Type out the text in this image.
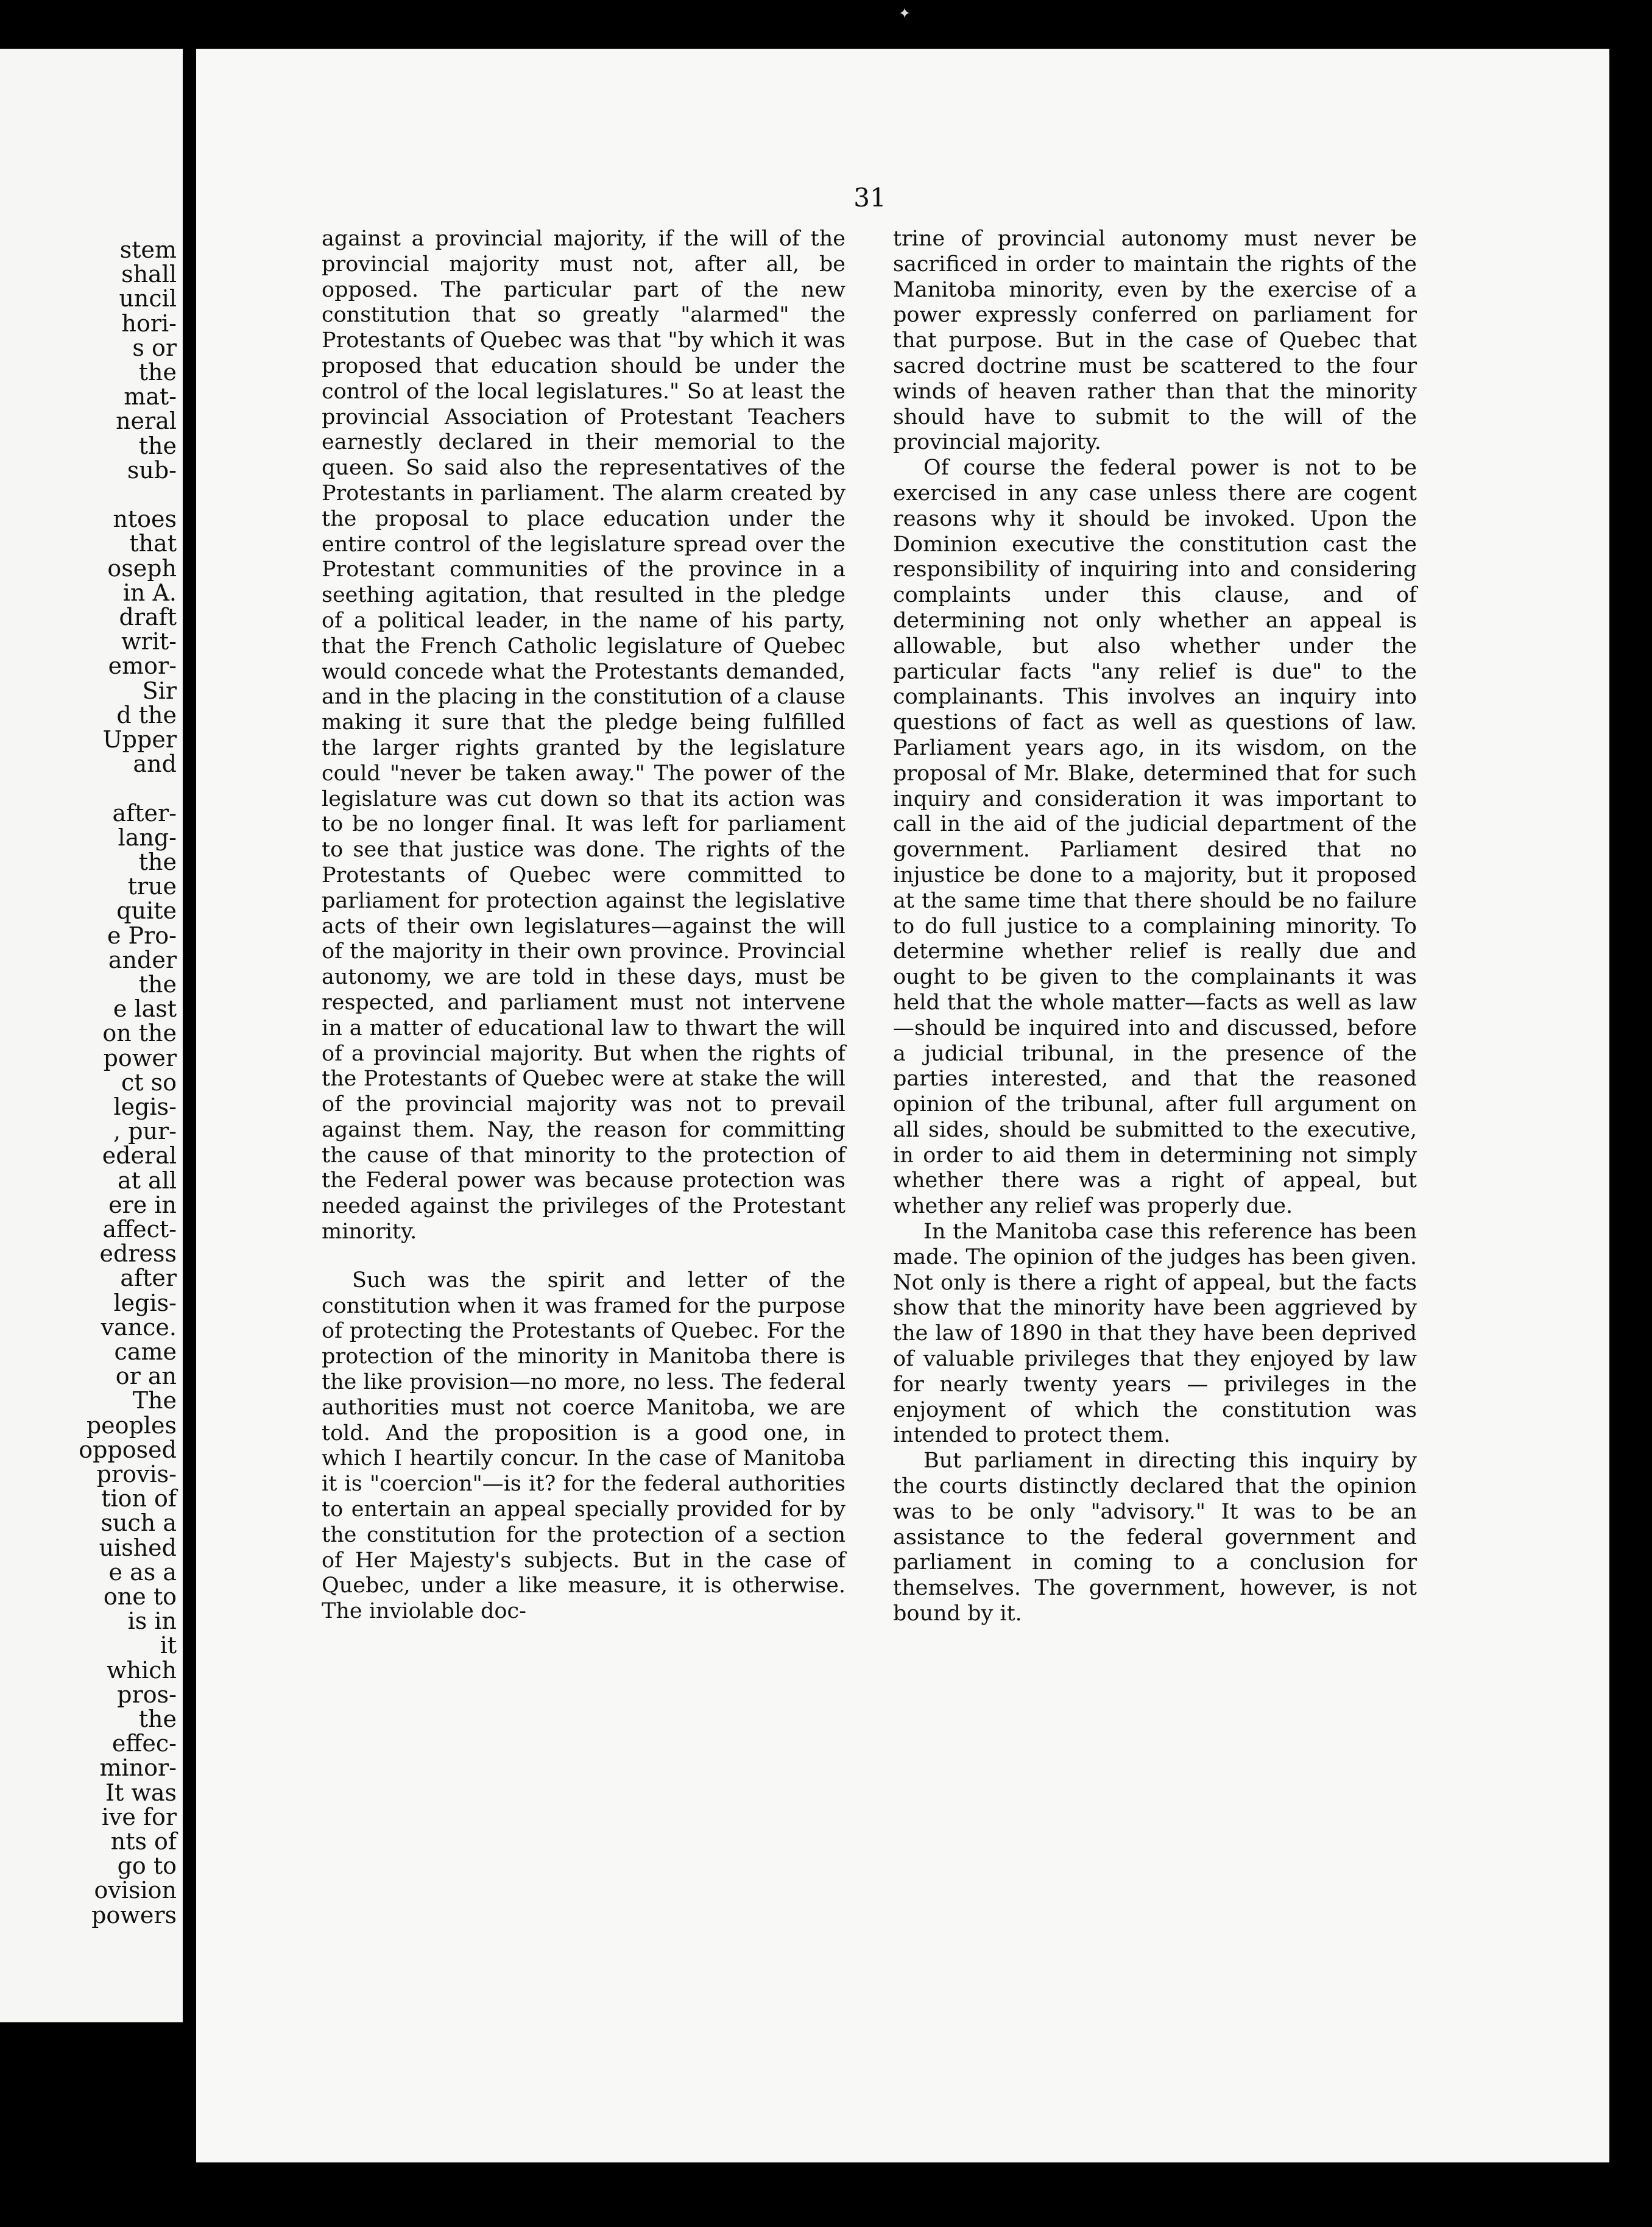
✦
stem
shall
uncil
hori-
s or
the
mat-
neral
the
sub-
ntoes
that
oseph
in A.
draft
writ-
emor-
Sir
d the
Upper
and
after-
lang-
the
true
quite
e Pro-
ander
the
e last
on the
power
ct so
legis-
, pur-
ederal
at all
ere in
affect-
edress
after
legis-
vance.
came
or an
The
peoples
opposed
provis-
tion of
such a
uished
e as a
one to
is in
it
which
pros-
the
effec-
minor-
It was
ive for
nts of
go to
ovision
powers
31

against a provincial majority, if the will of the provincial majority must not, after all, be opposed. The particular part of the new constitution that so greatly "alarmed" the Protestants of Quebec was that "by which it was proposed that education should be under the control of the local legislatures." So at least the provincial Association of Protestant Teachers earnestly declared in their memorial to the queen. So said also the representatives of the Protestants in parliament. The alarm created by the proposal to place education under the entire control of the legislature spread over the Protestant communities of the province in a seething agitation, that resulted in the pledge of a political leader, in the name of his party, that the French Catholic legislature of Quebec would concede what the Protestants demanded, and in the placing in the constitution of a clause making it sure that the pledge being fulfilled the larger rights granted by the legislature could "never be taken away." The power of the legislature was cut down so that its action was to be no longer final. It was left for parliament to see that justice was done. The rights of the Protestants of Quebec were committed to parliament for protection against the legislative acts of their own legislatures—against the will of the majority in their own province. Provincial autonomy, we are told in these days, must be respected, and parliament must not intervene in a matter of educational law to thwart the will of a provincial majority. But when the rights of the Protestants of Quebec were at stake the will of the provincial majority was not to prevail against them. Nay, the reason for committing the cause of that minority to the protection of the Federal power was because protection was needed against the privileges of the Protestant minority.

Such was the spirit and letter of the constitution when it was framed for the purpose of protecting the Protestants of Quebec. For the protection of the minority in Manitoba there is the like provision—no more, no less. The federal authorities must not coerce Manitoba, we are told. And the proposition is a good one, in which I heartily concur. In the case of Manitoba it is "coercion"—is it? for the federal authorities to entertain an appeal specially provided for by the constitution for the protection of a section of Her Majesty's subjects. But in the case of Quebec, under a like measure, it is otherwise. The inviolable doc-

trine of provincial autonomy must never be sacrificed in order to maintain the rights of the Manitoba minority, even by the exercise of a power expressly conferred on parliament for that purpose. But in the case of Quebec that sacred doctrine must be scattered to the four winds of heaven rather than that the minority should have to submit to the will of the provincial majority.

Of course the federal power is not to be exercised in any case unless there are cogent reasons why it should be invoked. Upon the Dominion executive the constitution cast the responsibility of inquiring into and considering complaints under this clause, and of determining not only whether an appeal is allowable, but also whether under the particular facts "any relief is due" to the complainants. This involves an inquiry into questions of fact as well as questions of law. Parliament years ago, in its wisdom, on the proposal of Mr. Blake, determined that for such inquiry and consideration it was important to call in the aid of the judicial department of the government. Parliament desired that no injustice be done to a majority, but it proposed at the same time that there should be no failure to do full justice to a complaining minority. To determine whether relief is really due and ought to be given to the complainants it was held that the whole matter—facts as well as law—should be inquired into and discussed, before a judicial tribunal, in the presence of the parties interested, and that the reasoned opinion of the tribunal, after full argument on all sides, should be submitted to the executive, in order to aid them in determining not simply whether there was a right of appeal, but whether any relief was properly due.

In the Manitoba case this reference has been made. The opinion of the judges has been given. Not only is there a right of appeal, but the facts show that the minority have been aggrieved by the law of 1890 in that they have been deprived of valuable privileges that they enjoyed by law for nearly twenty years — privileges in the enjoyment of which the constitution was intended to protect them.

But parliament in directing this inquiry by the courts distinctly declared that the opinion was to be only "advisory." It was to be an assistance to the federal government and parliament in coming to a conclusion for themselves. The government, however, is not bound by it.
